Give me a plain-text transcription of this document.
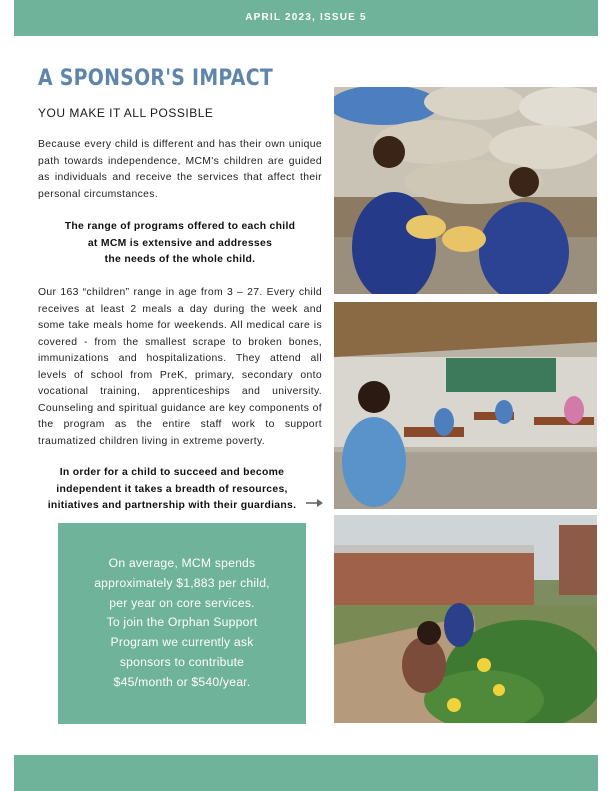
APRIL 2023, ISSUE 5
A SPONSOR'S IMPACT
YOU MAKE IT ALL POSSIBLE

Because every child is different and has their own unique path towards independence, MCM's children are guided as individuals and receive the services that affect their personal circumstances.

The range of programs offered to each child
at MCM is extensive and addresses
the needs of the whole child.

Our 163 “children” range in age from 3 – 27. Every child receives at least 2 meals a day during the week and some take meals home for weekends. All medical care is covered - from the smallest scrape to broken bones, immunizations and hospitalizations. They attend all levels of school from PreK, primary, secondary onto vocational training, apprenticeships and university. Counseling and spiritual guidance are key components of the program as the entire staff work to support traumatized children living in extreme poverty.

In order for a child to succeed and become
independent it takes a breadth of resources,
initiatives and partnership with their guardians.
On average, MCM spends
approximately $1,883 per child,
per year on core services.
To join the Orphan Support
Program we currently ask
sponsors to contribute
$45/month or $540/year.
